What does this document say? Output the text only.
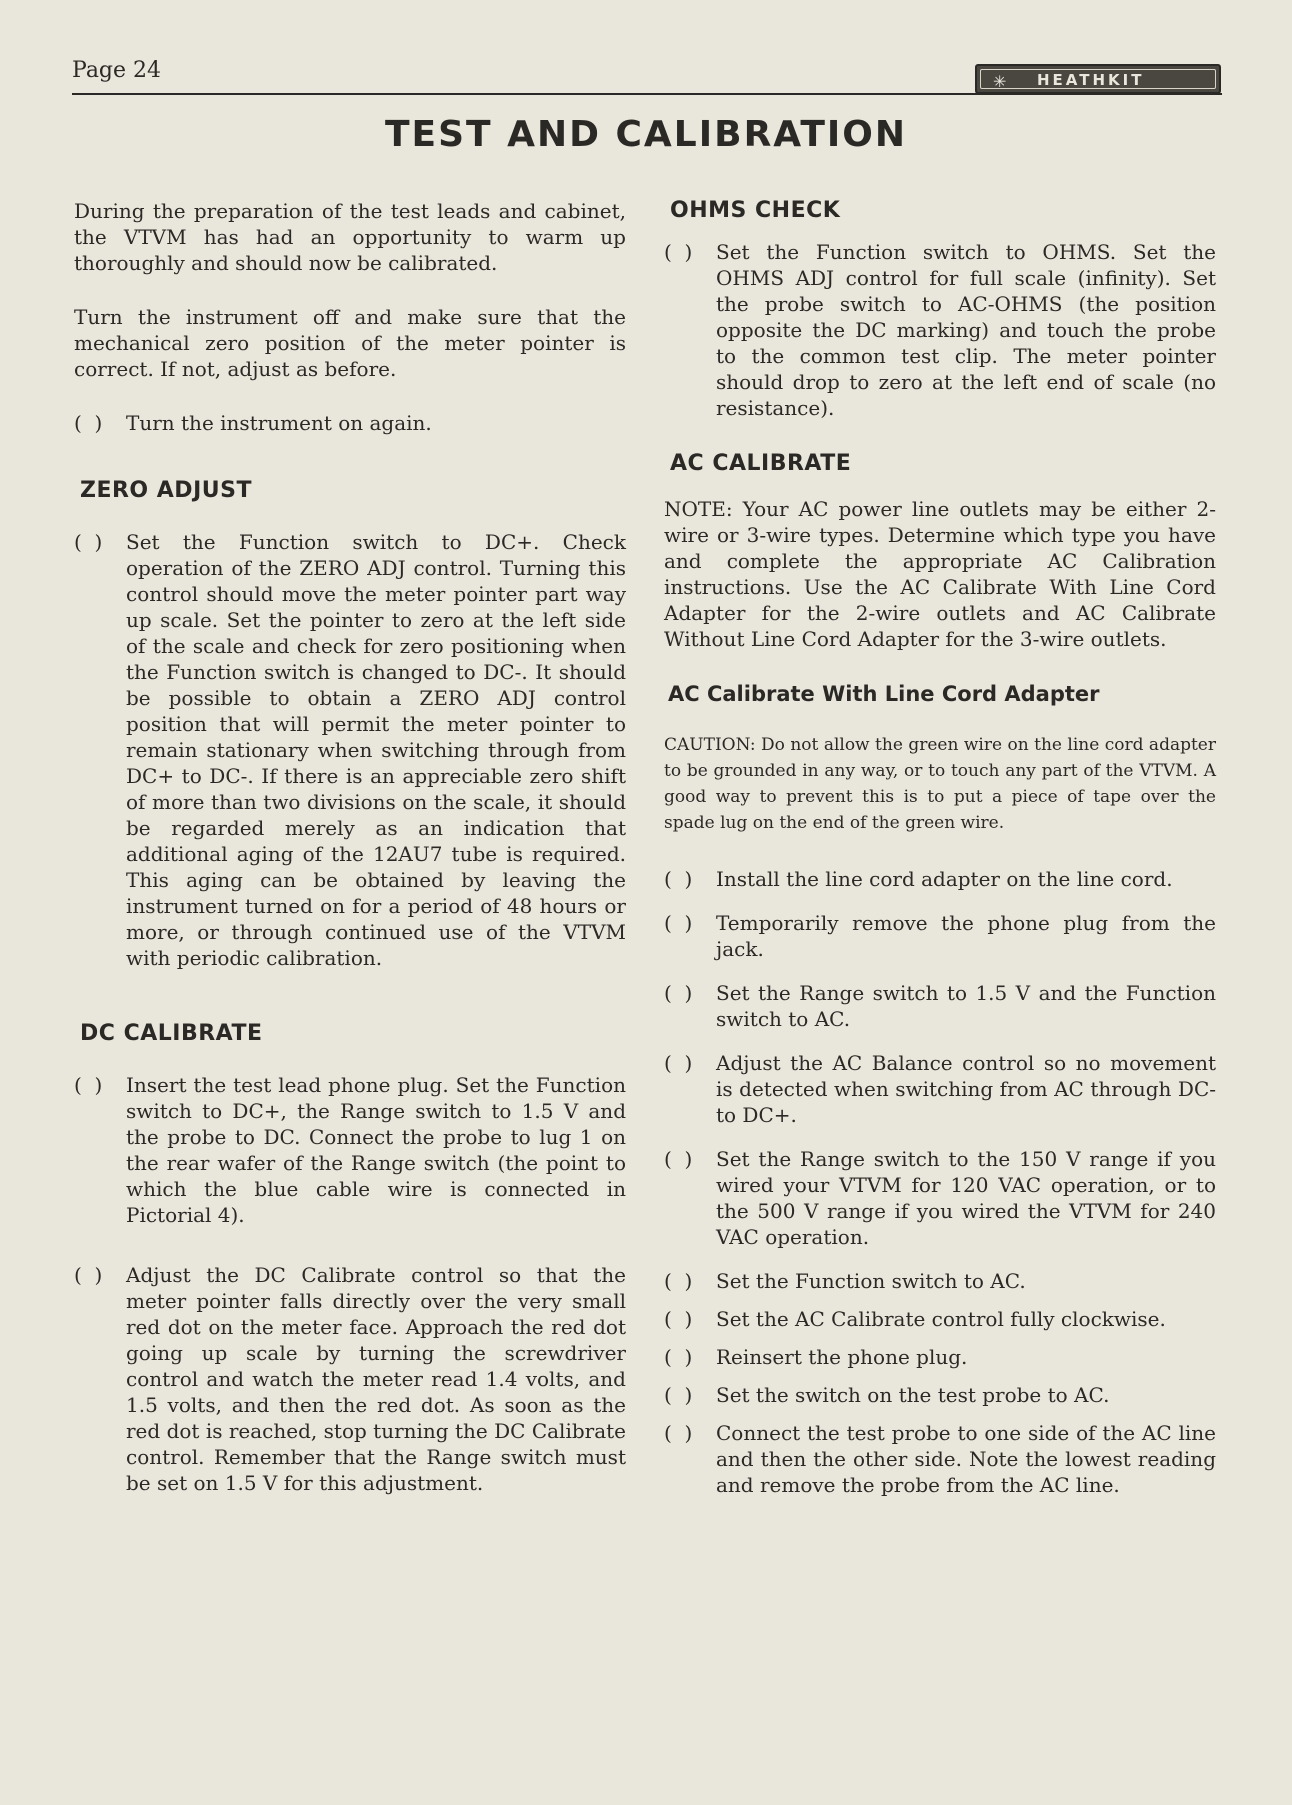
Page 24	✳ HEATHKIT
TEST AND CALIBRATION

During the preparation of the test leads and cabinet, the VTVM has had an opportunity to warm up thoroughly and should now be calibrated.

Turn the instrument off and make sure that the mechanical zero position of the meter pointer is correct. If not, adjust as before.

(  )	Turn the instrument on again.
ZERO ADJUST
(  )	Set the Function switch to DC+. Check operation of the ZERO ADJ control. Turning this control should move the meter pointer part way up scale. Set the pointer to zero at the left side of the scale and check for zero positioning when the Function switch is changed to DC-. It should be possible to obtain a ZERO ADJ control position that will permit the meter pointer to remain stationary when switching through from DC+ to DC-. If there is an appreciable zero shift of more than two divisions on the scale, it should be regarded merely as an indication that additional aging of the 12AU7 tube is required. This aging can be obtained by leaving the instrument turned on for a period of 48 hours or more, or through continued use of the VTVM with periodic calibration.
DC CALIBRATE
(  )	Insert the test lead phone plug. Set the Function switch to DC+, the Range switch to 1.5 V and the probe to DC. Connect the probe to lug 1 on the rear wafer of the Range switch (the point to which the blue cable wire is connected in Pictorial 4).
(  )	Adjust the DC Calibrate control so that the meter pointer falls directly over the very small red dot on the meter face. Approach the red dot going up scale by turning the screwdriver control and watch the meter read 1.4 volts, and 1.5 volts, and then the red dot. As soon as the red dot is reached, stop turning the DC Calibrate control. Remember that the Range switch must be set on 1.5 V for this adjustment.
OHMS CHECK
(  )	Set the Function switch to OHMS. Set the OHMS ADJ control for full scale (infinity). Set the probe switch to AC-OHMS (the position opposite the DC marking) and touch the probe to the common test clip. The meter pointer should drop to zero at the left end of scale (no resistance).
AC CALIBRATE

NOTE: Your AC power line outlets may be either 2-wire or 3-wire types. Determine which type you have and complete the appropriate AC Calibration instructions. Use the AC Calibrate With Line Cord Adapter for the 2-wire outlets and AC Calibrate Without Line Cord Adapter for the 3-wire outlets.

AC Calibrate With Line Cord Adapter

CAUTION: Do not allow the green wire on the line cord adapter to be grounded in any way, or to touch any part of the VTVM. A good way to prevent this is to put a piece of tape over the spade lug on the end of the green wire.

(  )	Install the line cord adapter on the line cord.
(  )	Temporarily remove the phone plug from the jack.
(  )	Set the Range switch to 1.5 V and the Function switch to AC.
(  )	Adjust the AC Balance control so no movement is detected when switching from AC through DC- to DC+.
(  )	Set the Range switch to the 150 V range if you wired your VTVM for 120 VAC operation, or to the 500 V range if you wired the VTVM for 240 VAC operation.
(  )	Set the Function switch to AC.
(  )	Set the AC Calibrate control fully clockwise.
(  )	Reinsert the phone plug.
(  )	Set the switch on the test probe to AC.
(  )	Connect the test probe to one side of the AC line and then the other side. Note the lowest reading and remove the probe from the AC line.
